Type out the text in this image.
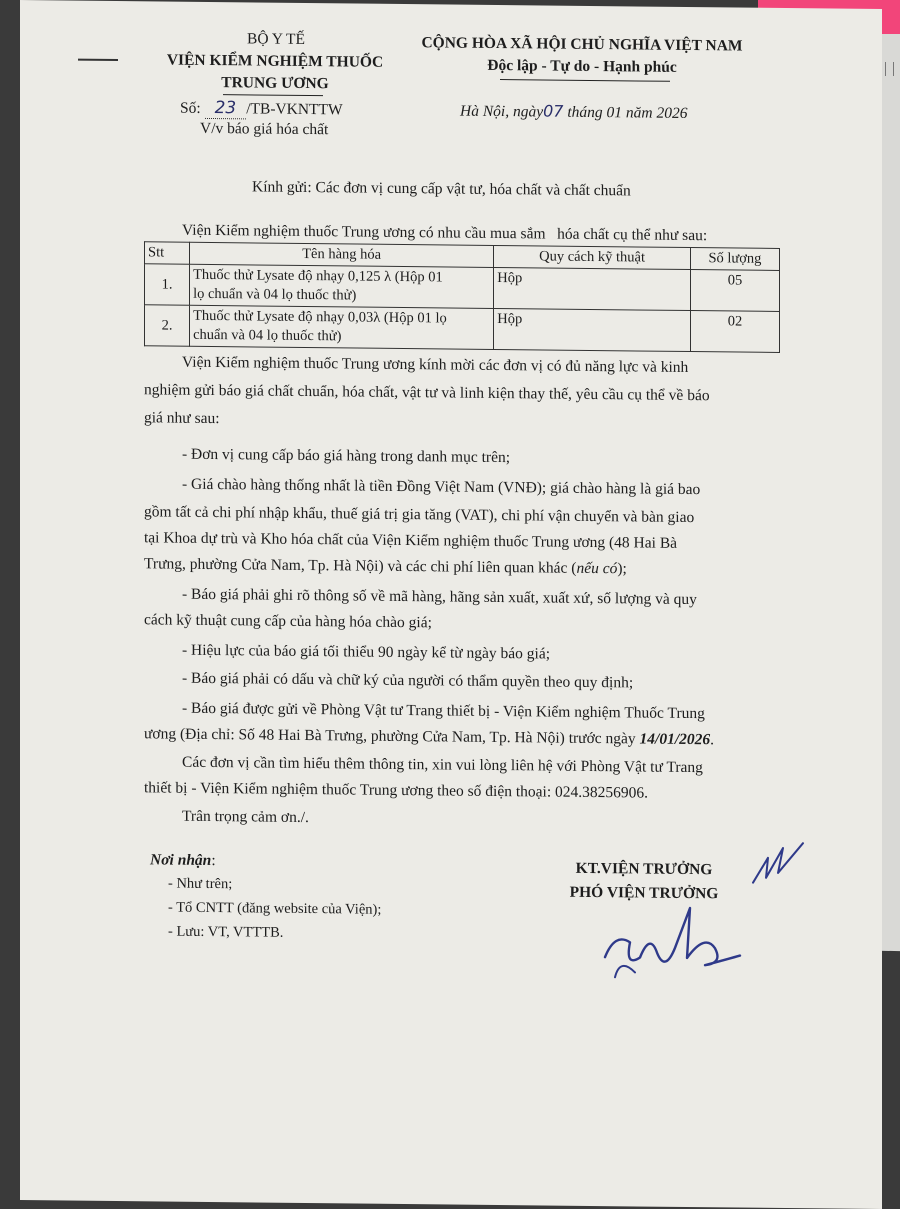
BỘ Y TẾ
VIỆN KIỂM NGHIỆM THUỐC
TRUNG ƯƠNG
Số: 23 /TB-VKNTTW
V/v báo giá hóa chất
CỘNG HÒA XÃ HỘI CHỦ NGHĨA VIỆT NAM
Độc lập - Tự do - Hạnh phúc
Hà Nội, ngày07 tháng 01 năm 2026
Kính gửi: Các đơn vị cung cấp vật tư, hóa chất và chất chuẩn
Viện Kiểm nghiệm thuốc Trung ương có nhu cầu mua sắm   hóa chất cụ thể như sau:
Stt	Tên hàng hóa	Quy cách kỹ thuật	Số lượng
1.	Thuốc thử Lysate độ nhạy 0,125 λ (Hộp 01
lọ chuẩn và 04 lọ thuốc thử)	Hộp	05
2.	Thuốc thử Lysate độ nhạy 0,03λ (Hộp 01 lọ
chuẩn và 04 lọ thuốc thử)	Hộp	02
Viện Kiểm nghiệm thuốc Trung ương kính mời các đơn vị có đủ năng lực và kinh
nghiệm gửi báo giá chất chuẩn, hóa chất, vật tư và linh kiện thay thế, yêu cầu cụ thể về báo
giá như sau:
- Đơn vị cung cấp báo giá hàng trong danh mục trên;
- Giá chào hàng thống nhất là tiền Đồng Việt Nam (VNĐ); giá chào hàng là giá bao
gồm tất cả chi phí nhập khẩu, thuế giá trị gia tăng (VAT), chi phí vận chuyển và bàn giao
tại Khoa dự trù và Kho hóa chất của Viện Kiểm nghiệm thuốc Trung ương (48 Hai Bà
Trưng, phường Cửa Nam, Tp. Hà Nội) và các chi phí liên quan khác (nếu có);
- Báo giá phải ghi rõ thông số về mã hàng, hãng sản xuất, xuất xứ, số lượng và quy
cách kỹ thuật cung cấp của hàng hóa chào giá;
- Hiệu lực của báo giá tối thiểu 90 ngày kể từ ngày báo giá;
- Báo giá phải có dấu và chữ ký của người có thẩm quyền theo quy định;
- Báo giá được gửi về Phòng Vật tư Trang thiết bị - Viện Kiểm nghiệm Thuốc Trung
ương (Địa chỉ: Số 48 Hai Bà Trưng, phường Cửa Nam, Tp. Hà Nội) trước ngày 14/01/2026.
Các đơn vị cần tìm hiểu thêm thông tin, xin vui lòng liên hệ với Phòng Vật tư Trang
thiết bị - Viện Kiểm nghiệm thuốc Trung ương theo số điện thoại: 024.38256906.
Trân trọng cảm ơn./.
Nơi nhận:
- Như trên;
- Tổ CNTT (đăng website của Viện);
- Lưu: VT, VTTTB.
KT.VIỆN TRƯỞNG
PHÓ VIỆN TRƯỞNG
